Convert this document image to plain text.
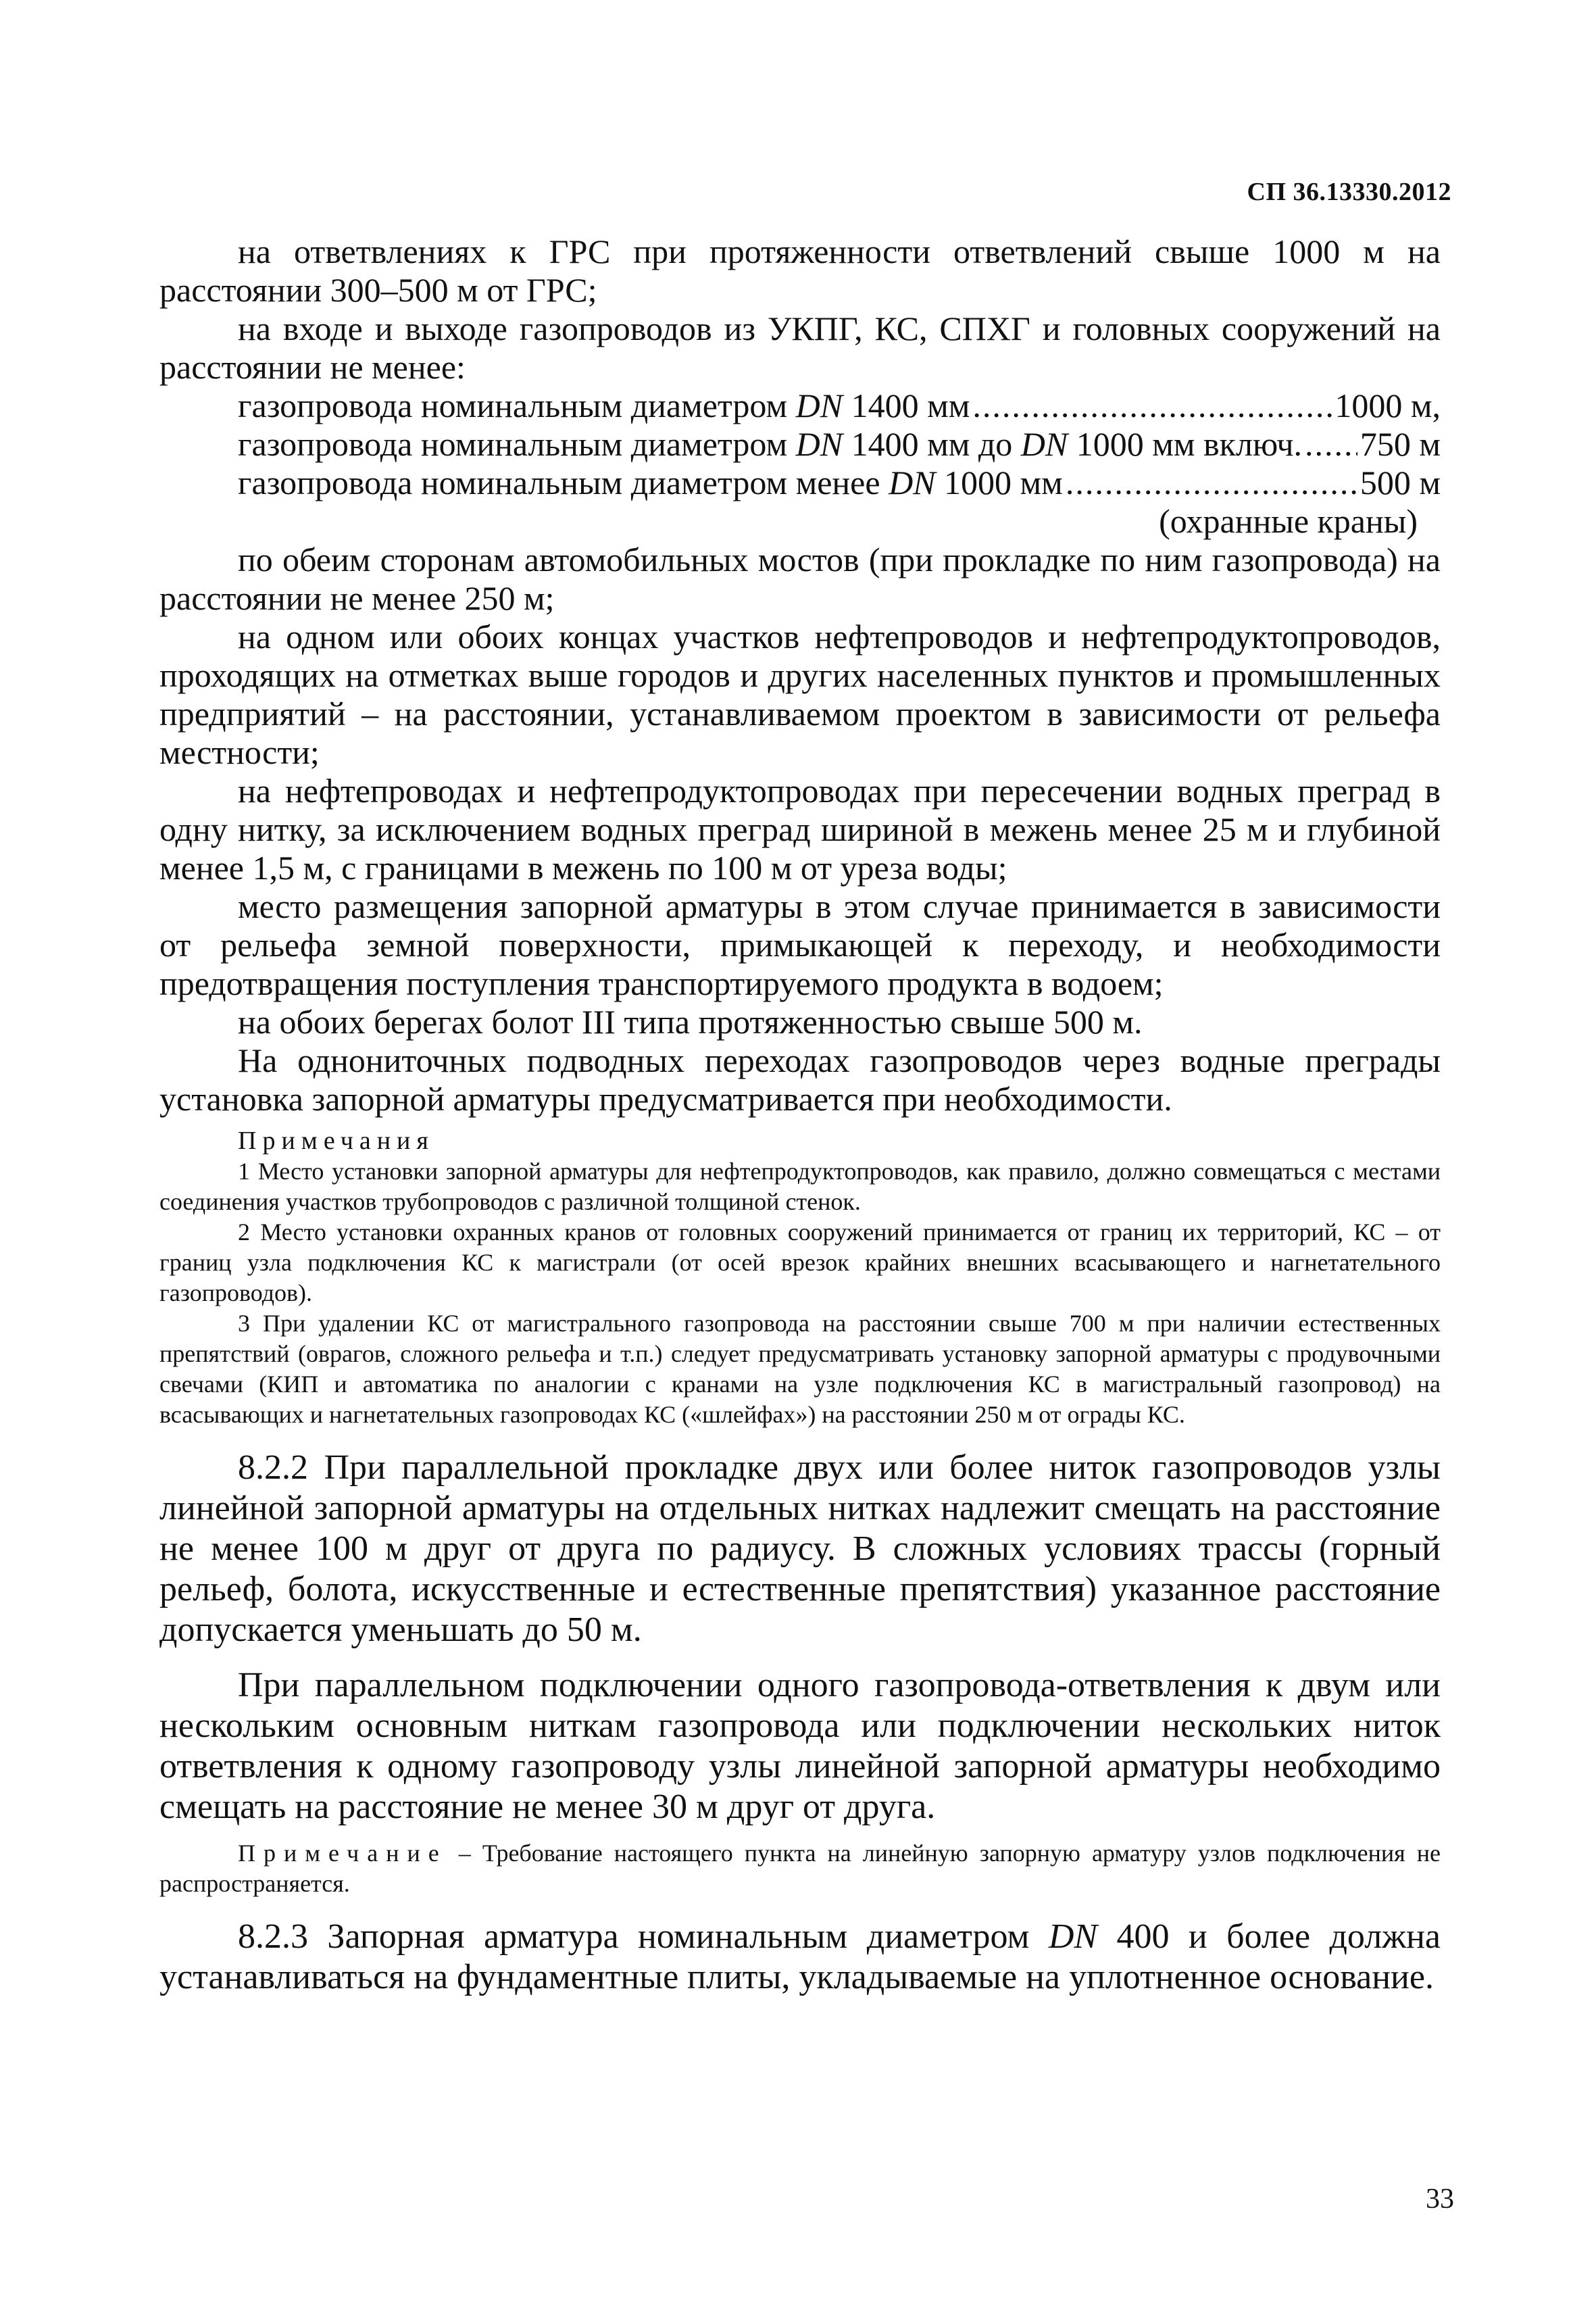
СП 36.13330.2012

на ответвлениях к ГРС при протяженности ответвлений свыше 1000 м на расстоянии 300–500 м от ГРС;

на входе и выходе газопроводов из УКПГ, КС, СПХГ и головных сооружений на расстоянии не менее:

газопровода номинальным диаметром DN 1400 мм .....	1000 м,
газопровода номинальным диаметром DN 1400 мм до DN 1000 мм включ. ..... 750 м
газопровода номинальным диаметром менее DN 1000 мм .....	500 м
(охранные краны)

по обеим сторонам автомобильных мостов (при прокладке по ним газопровода) на расстоянии не менее 250 м;

на одном или обоих концах участков нефтепроводов и нефтепродуктопроводов, проходящих на отметках выше городов и других населенных пунктов и промышленных предприятий – на расстоянии, устанавливаемом проектом в зависимости от рельефа местности;

на нефтепроводах и нефтепродуктопроводах при пересечении водных преград в одну нитку, за исключением водных преград шириной в межень менее 25 м и глубиной менее 1,5 м, с границами в межень по 100 м от уреза воды;

место размещения запорной арматуры в этом случае принимается в зависимости от рельефа земной поверхности, примыкающей к переходу, и необходимости предотвращения поступления транспортируемого продукта в водоем;

на обоих берегах болот III типа протяженностью свыше 500 м.

На однониточных подводных переходах газопроводов через водные преграды установка запорной арматуры предусматривается при необходимости.

Примечания

1 Место установки запорной арматуры для нефтепродуктопроводов, как правило, должно совмещаться с местами соединения участков трубопроводов с различной толщиной стенок.

2 Место установки охранных кранов от головных сооружений принимается от границ их территорий, КС – от границ узла подключения КС к магистрали (от осей врезок крайних внешних всасывающего и нагнетательного газопроводов).

3 При удалении КС от магистрального газопровода на расстоянии свыше 700 м при наличии естественных препятствий (оврагов, сложного рельефа и т.п.) следует предусматривать установку запорной арматуры с продувочными свечами (КИП и автоматика по аналогии с кранами на узле подключения КС в магистральный газопровод) на всасывающих и нагнетательных газопроводах КС («шлейфах») на расстоянии 250 м от ограды КС.

8.2.2 При параллельной прокладке двух или более ниток газопроводов узлы линейной запорной арматуры на отдельных нитках надлежит смещать на расстояние не менее 100 м друг от друга по радиусу. В сложных условиях трассы (горный рельеф, болота, искусственные и естественные препятствия) указанное расстояние допускается уменьшать до 50 м.

При параллельном подключении одного газопровода-ответвления к двум или нескольким основным ниткам газопровода или подключении нескольких ниток ответвления к одному газопроводу узлы линейной запорной арматуры необходимо смещать на расстояние не менее 30 м друг от друга.

Примечание – Требование настоящего пункта на линейную запорную арматуру узлов подключения не распространяется.

8.2.3 Запорная арматура номинальным диаметром DN 400 и более должна устанавливаться на фундаментные плиты, укладываемые на уплотненное основание.

33
